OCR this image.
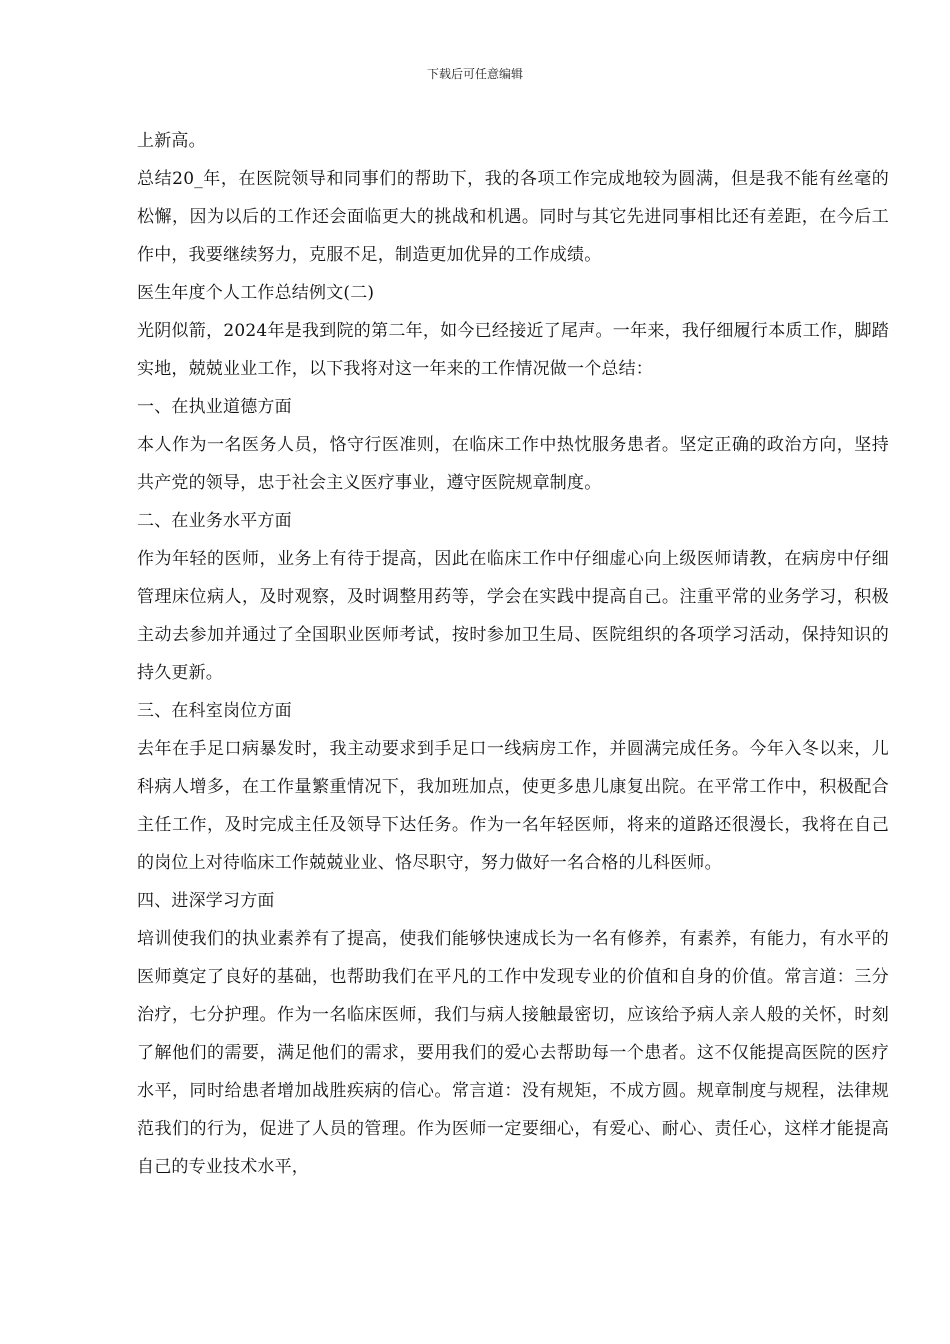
下载后可任意编辑

上新高。

总结20_年，在医院领导和同事们的帮助下，我的各项工作完成地较为圆满，但是我不能有丝毫的松懈，因为以后的工作还会面临更大的挑战和机遇。同时与其它先进同事相比还有差距，在今后工作中，我要继续努力，克服不足，制造更加优异的工作成绩。

医生年度个人工作总结例文(二)

光阴似箭，2024年是我到院的第二年，如今已经接近了尾声。一年来，我仔细履行本质工作，脚踏实地，兢兢业业工作，以下我将对这一年来的工作情况做一个总结：

一、在执业道德方面

本人作为一名医务人员，恪守行医准则，在临床工作中热忱服务患者。坚定正确的政治方向，坚持共产党的领导，忠于社会主义医疗事业，遵守医院规章制度。

二、在业务水平方面

作为年轻的医师，业务上有待于提高，因此在临床工作中仔细虚心向上级医师请教，在病房中仔细管理床位病人，及时观察，及时调整用药等，学会在实践中提高自己。注重平常的业务学习，积极主动去参加并通过了全国职业医师考试，按时参加卫生局、医院组织的各项学习活动，保持知识的持久更新。

三、在科室岗位方面

去年在手足口病暴发时，我主动要求到手足口一线病房工作，并圆满完成任务。今年入冬以来，儿科病人增多，在工作量繁重情况下，我加班加点，使更多患儿康复出院。在平常工作中，积极配合主任工作，及时完成主任及领导下达任务。作为一名年轻医师，将来的道路还很漫长，我将在自己的岗位上对待临床工作兢兢业业、恪尽职守，努力做好一名合格的儿科医师。

四、进深学习方面

培训使我们的执业素养有了提高，使我们能够快速成长为一名有修养，有素养，有能力，有水平的医师奠定了良好的基础，也帮助我们在平凡的工作中发现专业的价值和自身的价值。常言道：三分治疗，七分护理。作为一名临床医师，我们与病人接触最密切，应该给予病人亲人般的关怀，时刻了解他们的需要，满足他们的需求，要用我们的爱心去帮助每一个患者。这不仅能提高医院的医疗水平，同时给患者增加战胜疾病的信心。常言道：没有规矩，不成方圆。规章制度与规程，法律规范我们的行为，促进了人员的管理。作为医师一定要细心，有爱心、耐心、责任心，这样才能提高自己的专业技术水平，
